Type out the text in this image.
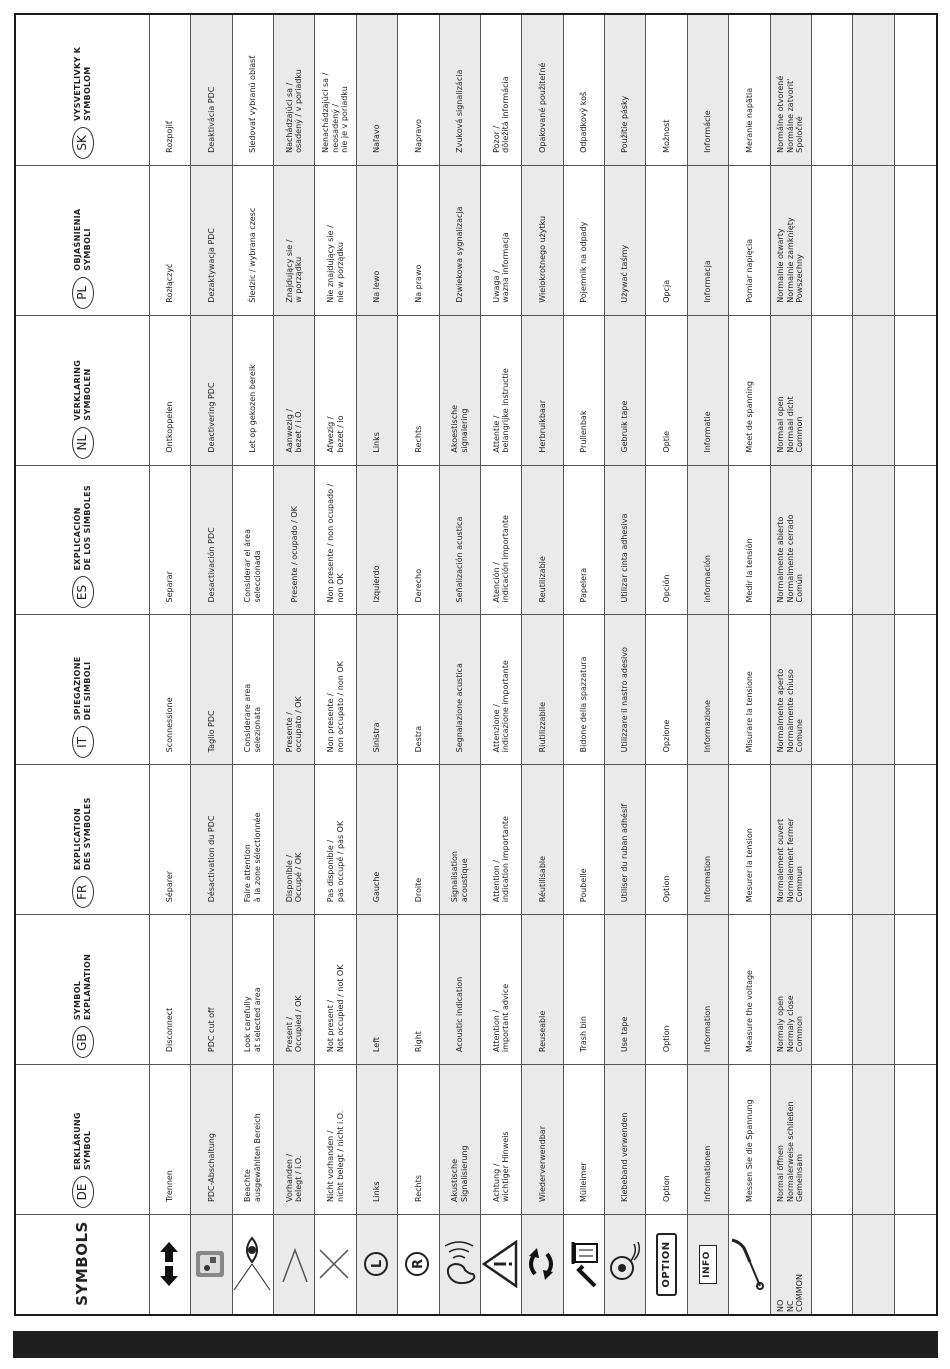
SYMBOLS
DE
ERKLÄRUNG
SYMBOL
GB
SYMBOL
EXPLANATION
FR
EXPLICATION
DES SYMBOLES
IT
SPIEGAZIONE
DEI SIMBOLI
ES
EXPLICACIÓN
DE LOS SÍMBOLES
NL
VERKLARING
SYMBOLEN
PL
OBJAŚNIENIA
SYMBOLI
SK
VYSVETLIVKY K
SYMBOLOM
Trennen
Disconnect
Séparer
Sconnessione
Separar
Ontkoppelen
Rozłączyć
Rozpojiť
PDC-Abschaltung
PDC cut off
Désactivation du PDC
Taglio PDC
Desactivación PDC
Deactivering PDC
Dezaktywacja PDC
Deaktivácia PDC
Beachte
ausgewählten Bereich
Look carefully
at selected area
Faire attention
à la zone sélectionnée
Considerare area
selezionata
Considerar el área
seleccionada
Let op gekozen bereik
Śledzic / wybrana czesc
Sledovať vybranú oblasť
Vorhanden /
belegt / i.O.
Present /
Occupied / OK
Disponible /
Occupé / OK
Presente /
occupato / OK
Presente / ocupado / OK
Aanwezig /
bezet / i.O.
Znajdujący sie /
w porządku
Nachádzajúci sa /
osadený / v poriadku
Nicht vorhanden /
nicht belegt / nicht i.O.
Not present /
Not occupied / not OK
Pas disponible /
pas occupé / pas OK
Non presente /
non occupato / non OK
Non presente / non ocupado /
non OK
Afwezig /
bezet / io
Nie znajdujący sie /
nie w porządku
Nenachádzajúci sa /
neosadený /
nie je v poriadku
L
Links
Left
Gauche
Sinistra
Izquierdo
Links
Na lewo
Naľavo
R
Rechts
Right
Droite
Destra
Derecho
Rechts
Na prawo
Napravo
Akustische
Signalisierung
Acoustic indication
Signalisation
acoustique
Segnalazione acustica
Señalización acustica
Akoestische
signalering
Dzwiekowa sygnalizacja
Zvuková signalizácia
Achtung /
wichtiger Hinweis
Attention /
important advice
Attention /
indication importante
Attenzione /
indicazione importante
Atención /
indicación importante
Attentie /
belangrijke instructie
Uwaga /
wazna informacja
Pozor /
dôležitá informácia
Wiederverwendbar
Reuseable
Réutilisable
Riutilizzabile
Reutilizable
Herbruikbaar
Wielokrotnego użytku
Opakované použiteľné
Mülleimer
Trash bin
Poubelle
Bidone della spazzatura
Papelera
Prullenbak
Pojemnik na odpady
Odpadkový koš
Klebeband verwenden
Use tape
Utiliser du ruban adhésif
Utilizzare il nastro adesivo
Utilizar cinta adhesiva
Gebruik tape
Używać taśmy
Použitie pásky
OPTION
Option
Option
Option
Opzione
Opción
Optie
Opcja
Možnost
INFO
Informationen
Information
Information
Informazione
información
Informatie
Informacja
Informácie
Messen Sie die Spannung
Measure the voltage
Mesurer la tension
Misurare la tensione
Medir la tensión
Meet de spanning
Pomiar napięcia
Meranie napätia
NO
NC
COMMON
Normal öffnen
Normalerweise schließen
Gemeinsam
Normaly open
Normaly close
Common
Normalement ouvert
Normalement fermer
Commun
Normalmente aperto
Normalmente chiuso
Comune
Normalmente abierto
Normalmente cerrado
Común
Normaal open
Normaal dicht
Common
Normalnie otwarty
Normalnie zamknięty
Powszechny
Normálne otvorené
Normálne zatvorit'
Spoločné
